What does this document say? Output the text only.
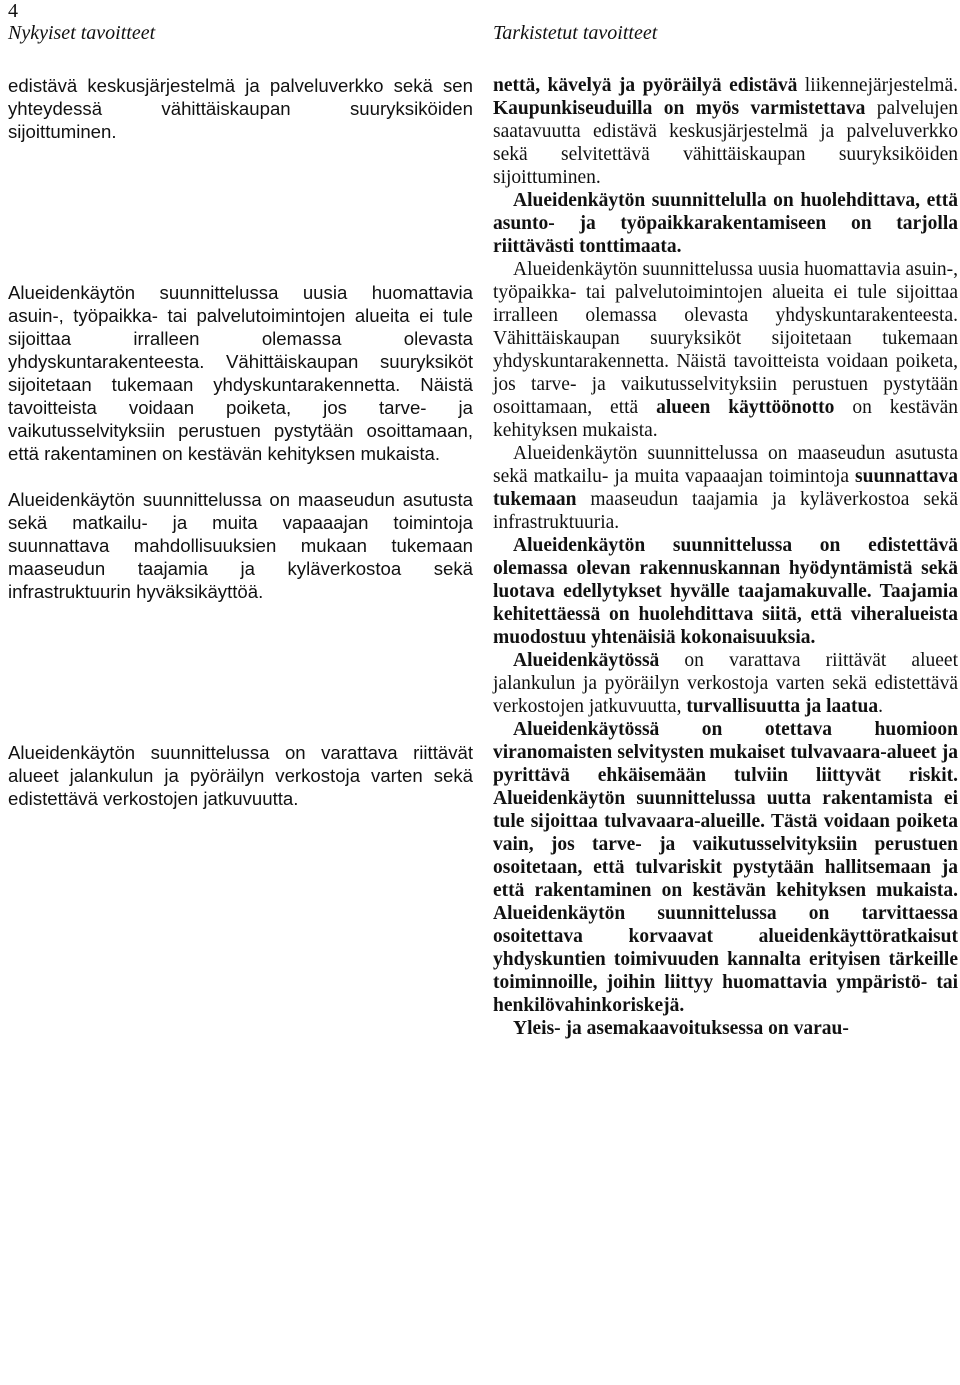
4
Nykyiset tavoitteet	Tarkistetut tavoitteet

edistävä keskusjärjestelmä ja palveluverkko sekä sen yhteydessä vähittäiskaupan suuryksiköiden sijoittuminen.

Alueidenkäytön suunnittelussa uusia huomattavia asuin-, työpaikka- tai palvelutoimintojen alueita ei tule sijoittaa irralleen olemassa olevasta yhdyskuntarakenteesta. Vähittäiskaupan suuryksiköt sijoitetaan tukemaan yhdyskuntarakennetta. Näistä tavoitteista voidaan poiketa, jos tarve- ja vaikutusselvityksiin perustuen pystytään osoittamaan, että rakentaminen on kestävän kehityksen mukaista.

Alueidenkäytön suunnittelussa on maaseudun asutusta sekä matkailu- ja muita vapaaajan toimintoja suunnattava mahdollisuuksien mukaan tukemaan maaseudun taajamia ja kyläverkostoa sekä infrastruktuurin hyväksikäyttöä.

Alueidenkäytön suunnittelussa on varattava riittävät alueet jalankulun ja pyöräilyn verkostoja varten sekä edistettävä verkostojen jatkuvuutta.

nettä, kävelyä ja pyöräilyä edistävä liikennejärjestelmä. Kaupunkiseuduilla on myös varmistettava palvelujen saatavuutta edistävä keskusjärjestelmä ja palveluverkko sekä selvitettävä vähittäiskaupan suuryksiköiden sijoittuminen.

Alueidenkäytön suunnittelulla on huolehdittava, että asunto- ja työpaikkarakentamiseen on tarjolla riittävästi tonttimaata.

Alueidenkäytön suunnittelussa uusia huomattavia asuin-, työpaikka- tai palvelutoimintojen alueita ei tule sijoittaa irralleen olemassa olevasta yhdyskuntarakenteesta. Vähittäiskaupan suuryksiköt sijoitetaan tukemaan yhdyskuntarakennetta. Näistä tavoitteista voidaan poiketa, jos tarve- ja vaikutusselvityksiin perustuen pystytään osoittamaan, että alueen käyttöönotto on kestävän kehityksen mukaista.

Alueidenkäytön suunnittelussa on maaseudun asutusta sekä matkailu- ja muita vapaaajan toimintoja suunnattava tukemaan maaseudun taajamia ja kyläverkostoa sekä infrastruktuuria.

Alueidenkäytön suunnittelussa on edistettävä olemassa olevan rakennuskannan hyödyntämistä sekä luotava edellytykset hyvälle taajamakuvalle. Taajamia kehitettäessä on huolehdittava siitä, että viheralueista muodostuu yhtenäisiä kokonaisuuksia.

Alueidenkäytössä on varattava riittävät alueet jalankulun ja pyöräilyn verkostoja varten sekä edistettävä verkostojen jatkuvuutta, turvallisuutta ja laatua.

Alueidenkäytössä on otettava huomioon viranomaisten selvitysten mukaiset tulvavaara-alueet ja pyrittävä ehkäisemään tulviin liittyvät riskit. Alueidenkäytön suunnittelussa uutta rakentamista ei tule sijoittaa tulvavaara-alueille. Tästä voidaan poiketa vain, jos tarve- ja vaikutusselvityksiin perustuen osoitetaan, että tulvariskit pystytään hallitsemaan ja että rakentaminen on kestävän kehityksen mukaista. Alueidenkäytön suunnittelussa on tarvittaessa osoitettava korvaavat alueidenkäyttöratkaisut yhdyskuntien toimivuuden kannalta erityisen tärkeille toiminnoille, joihin liittyy huomattavia ympäristö- tai henkilövahinkoriskejä.

Yleis- ja asemakaavoituksessa on varau-
